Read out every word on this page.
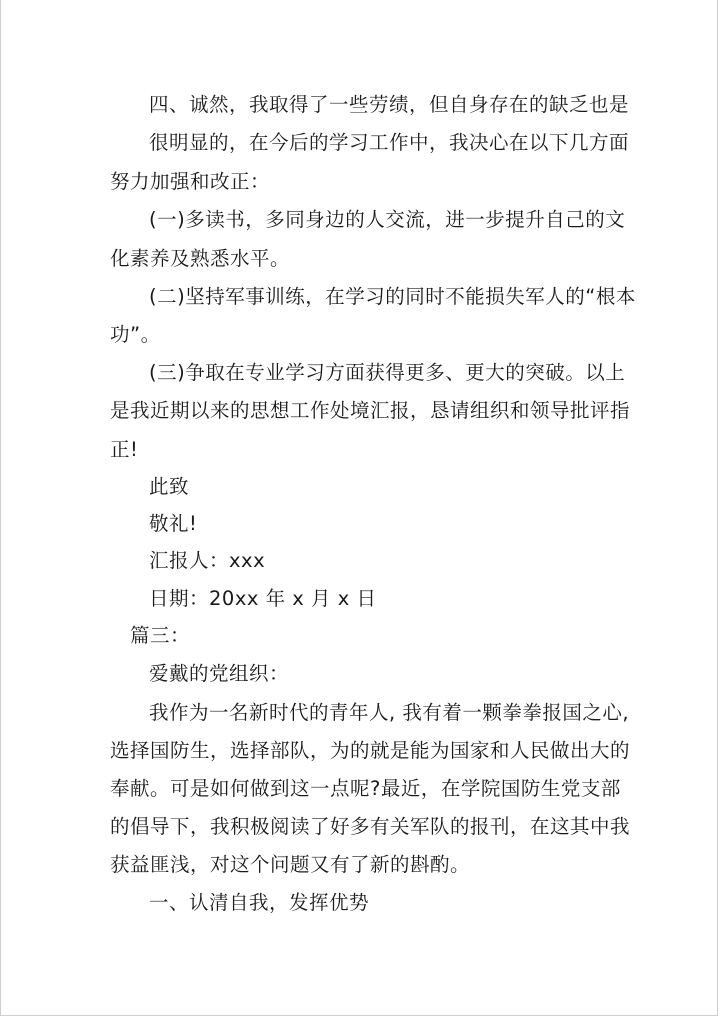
四、诚然，我取得了一些劳绩，但自身存在的缺乏也是
很明显的，在今后的学习工作中，我决心在以下几方面
努力加强和改正：
(一)多读书，多同身边的人交流，进一步提升自己的文
化素养及熟悉水平。
(二)坚持军事训练，在学习的同时不能损失军人的“根本
功”。
(三)争取在专业学习方面获得更多、更大的突破。以上
是我近期以来的思想工作处境汇报，恳请组织和领导批评指
正!
此致
敬礼!
汇报人：xxx
日期：20xx 年 x 月 x 日
篇三：
爱戴的党组织：
我作为一名新时代的青年人, 我有着一颗拳拳报国之心,
选择国防生，选择部队，为的就是能为国家和人民做出大的
奉献。可是如何做到这一点呢?最近，在学院国防生党支部
的倡导下，我积极阅读了好多有关军队的报刊，在这其中我
获益匪浅，对这个问题又有了新的斟酌。
一、认清自我，发挥优势
